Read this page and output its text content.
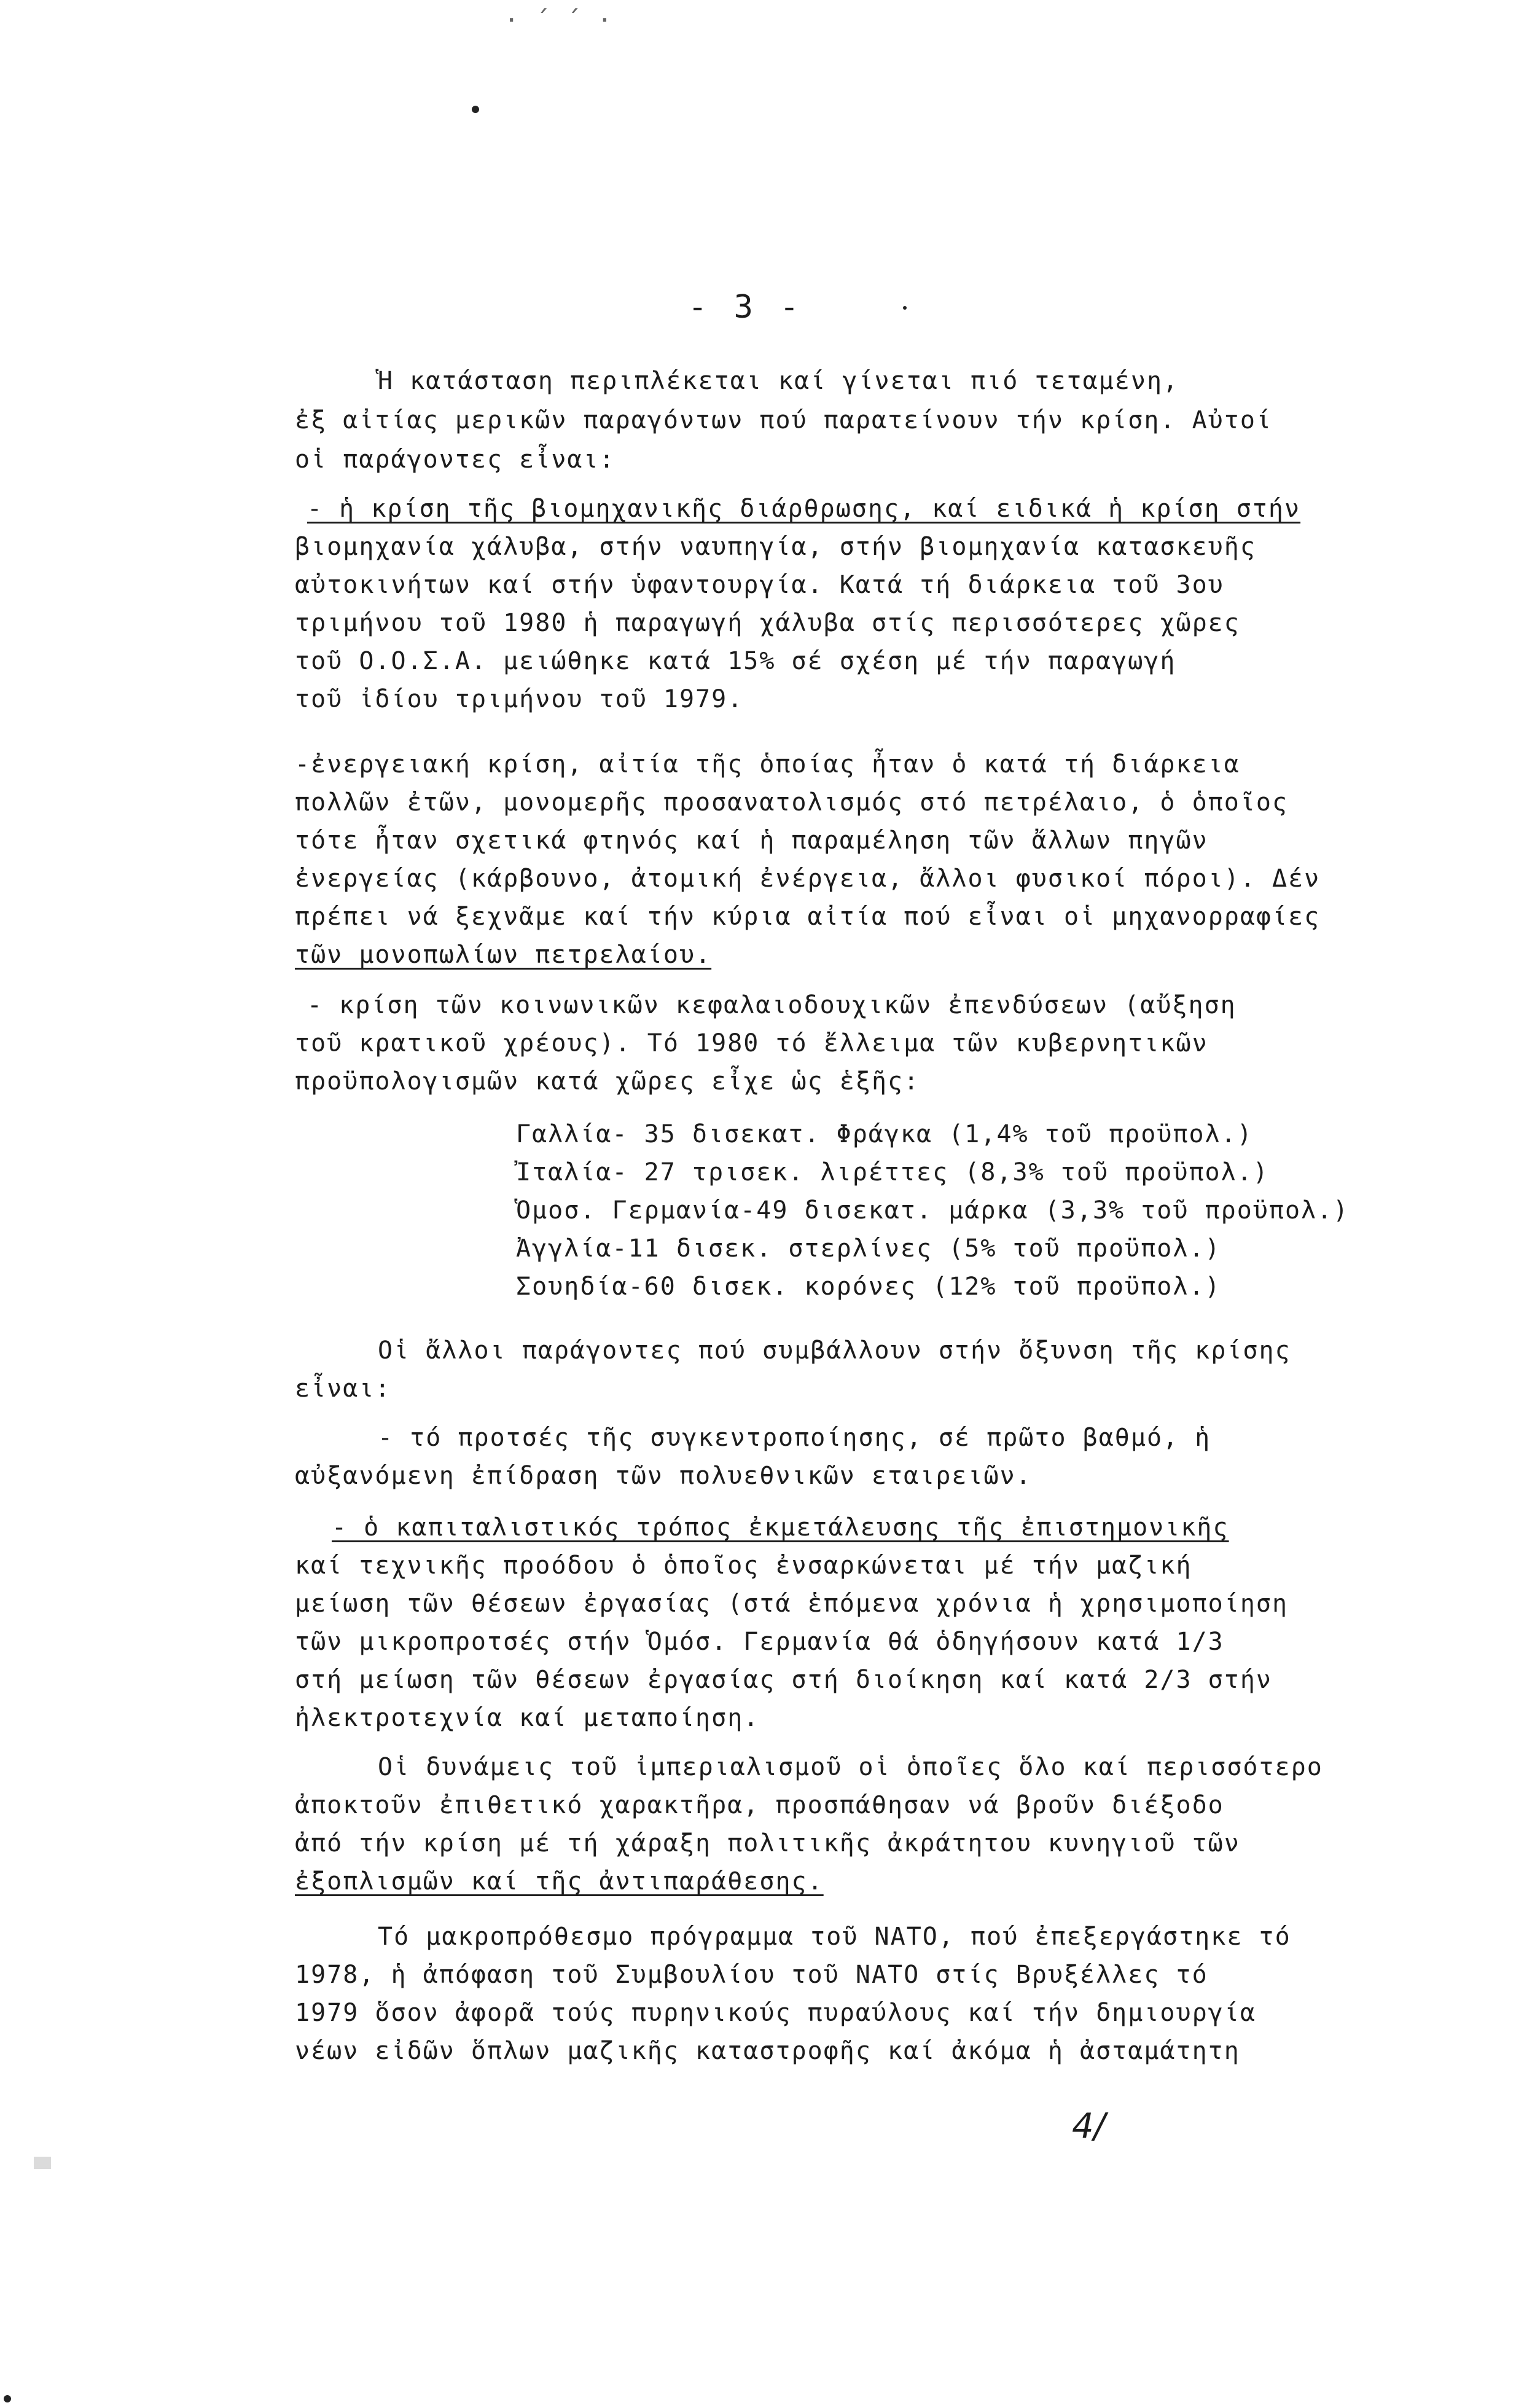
· ΄ ΄ ·
- 3 -
Ἡ κατάσταση περιπλέκεται καί γίνεται πιό τεταμένη,
ἐξ αἰτίας μερικῶν παραγόντων πού παρατείνουν τήν κρίση. Αὐτοί
οἱ παράγοντες εἶναι:
- ἡ κρίση τῆς βιομηχανικῆς διάρθρωσης, καί ειδικά ἡ κρίση στήν
βιομηχανία χάλυβα, στήν ναυπηγία, στήν βιομηχανία κατασκευῆς
αὐτοκινήτων καί στήν ὑφαντουργία. Κατά τή διάρκεια τοῦ 3ου
τριμήνου τοῦ 1980 ἡ παραγωγή χάλυβα στίς περισσότερες χῶρες
τοῦ Ο.Ο.Σ.Α. μειώθηκε κατά 15% σέ σχέση μέ τήν παραγωγή
τοῦ ἰδίου τριμήνου τοῦ 1979.
-ἐνεργειακή κρίση, αἰτία τῆς ὁποίας ἦταν ὁ κατά τή διάρκεια
πολλῶν ἐτῶν, μονομερῆς προσανατολισμός στό πετρέλαιο, ὁ ὁποῖος
τότε ἦταν σχετικά φτηνός καί ἡ παραμέληση τῶν ἄλλων πηγῶν
ἐνεργείας (κάρβουνο, ἀτομική ἐνέργεια, ἄλλοι φυσικοί πόροι). Δέν
πρέπει νά ξεχνᾶμε καί τήν κύρια αἰτία πού εἶναι οἱ μηχανορραφίες
τῶν μονοπωλίων πετρελαίου.
- κρίση τῶν κοινωνικῶν κεφαλαιοδουχικῶν ἐπενδύσεων (αὔξηση
τοῦ κρατικοῦ χρέους). Τό 1980 τό ἔλλειμα τῶν κυβερνητικῶν
προϋπολογισμῶν κατά χῶρες εἶχε ὡς ἑξῆς:
Γαλλία- 35 δισεκατ. Φράγκα (1,4% τοῦ προϋπολ.)
Ἰταλία- 27 τρισεκ. λιρέττες (8,3% τοῦ προϋπολ.)
Ὁμοσ. Γερμανία-49 δισεκατ. μάρκα (3,3% τοῦ προϋπολ.)
Ἀγγλία-11 δισεκ. στερλίνες (5% τοῦ προϋπολ.)
Σουηδία-60 δισεκ. κορόνες (12% τοῦ προϋπολ.)
Οἱ ἄλλοι παράγοντες πού συμβάλλουν στήν ὄξυνση τῆς κρίσης
εἶναι:
- τό προτσές τῆς συγκεντροποίησης, σέ πρῶτο βαθμό, ἡ
αὐξανόμενη ἐπίδραση τῶν πολυεθνικῶν εταιρειῶν.
- ὁ καπιταλιστικός τρόπος ἐκμετάλευσης τῆς ἐπιστημονικῆς
καί τεχνικῆς προόδου ὁ ὁποῖος ἐνσαρκώνεται μέ τήν μαζική
μείωση τῶν θέσεων ἐργασίας (στά ἑπόμενα χρόνια ἡ χρησιμοποίηση
τῶν μικροπροτσές στήν Ὁμόσ. Γερμανία θά ὁδηγήσουν κατά 1/3
στή μείωση τῶν θέσεων ἐργασίας στή διοίκηση καί κατά 2/3 στήν
ἠλεκτροτεχνία καί μεταποίηση.
Οἱ δυνάμεις τοῦ ἰμπεριαλισμοῦ οἱ ὁποῖες ὅλο καί περισσότερο
ἀποκτοῦν ἐπιθετικό χαρακτῆρα, προσπάθησαν νά βροῦν διέξοδο
ἀπό τήν κρίση μέ τή χάραξη πολιτικῆς ἀκράτητου κυνηγιοῦ τῶν
ἐξοπλισμῶν καί τῆς ἀντιπαράθεσης.
Τό μακροπρόθεσμο πρόγραμμα τοῦ ΝΑΤΟ, πού ἐπεξεργάστηκε τό
1978, ἡ ἀπόφαση τοῦ Συμβουλίου τοῦ ΝΑΤΟ στίς Βρυξέλλες τό
1979 ὅσον ἀφορᾶ τούς πυρηνικούς πυραύλους καί τήν δημιουργία
νέων εἰδῶν ὅπλων μαζικῆς καταστροφῆς καί ἀκόμα ἡ ἀσταμάτητη
4/
